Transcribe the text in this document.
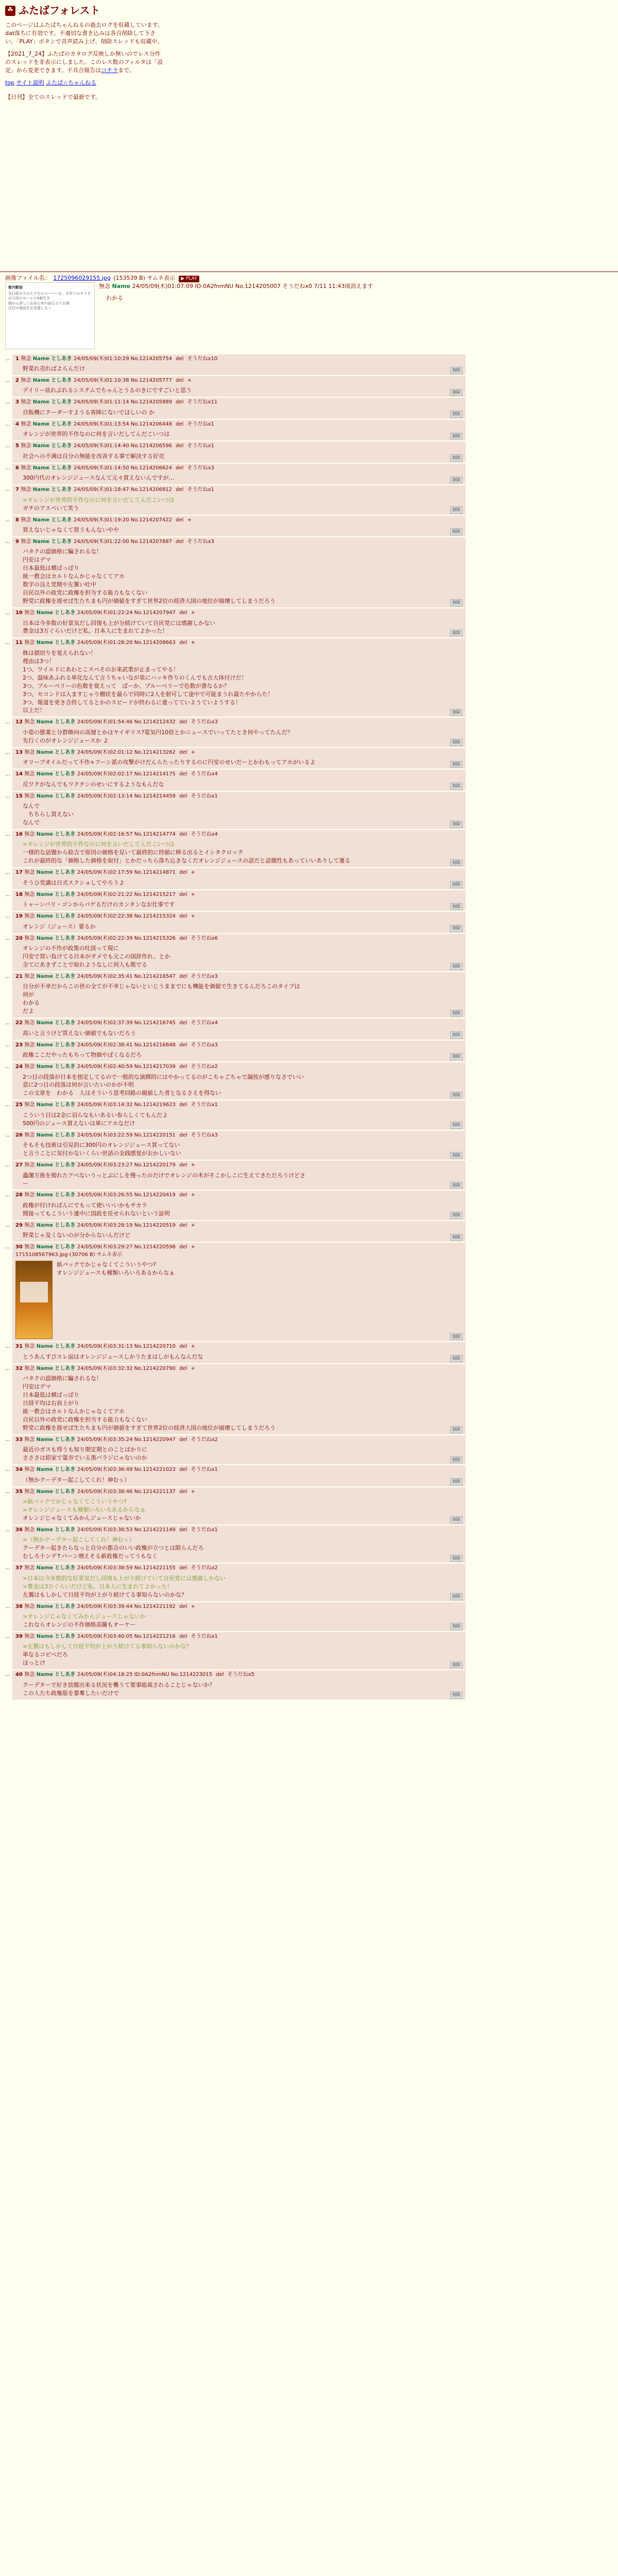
☘ ふたばフォレスト

このページはふたばちゃんねるの過去ログを収蔵しています。dat落ちに有効です。不適切な書き込みは各自削除して下さい。「PLAY」ボタンで音声読み上げ、削除スレッドも収蔵中。

【2021_7_24】ふたばのカタログ反映しか無いのでレス分作のスレッドを非表示にしました。このレス数のフィルタは「設定」から変更できます。不具合報告はコチラまで。

top サイト説明 ふたば☆ちゃんねる
【日刊】全てのスレッドで最新です。
画像ファイル名： 1725096029155.jpg (153539 B) サムネ表示 ▶ PLAY
都内駅前
先日紹介された夕方のスーパーを、手作りのサラダは今回のセールで4割引き
朝から詳しいお知らせの前日よりお得
注目の商品をお見逃しなく
無念 Name 24/05/09(木)01:07:09 ID:0A2fnmNU No.1214205007 そうだねx0 7/11 11:43頃消えます
わかる
…	1 無念 Name としあき 24/05/09(木)01:10:29 No.1214205754 del そうだねx10
野菜れ売ればよらんだけ	削除
…	2 無念 Name としあき 24/05/09(木)01:10:38 No.1214205777 del +
デイリー底れぶれるシステムでちゃんとうるのきにですごいと思う	削除
…	3 無念 Name としあき 24/05/09(木)01:11:14 No.1214205889 del そうだねx11
自販機にクーダーすようる客陣にないでほしいの か	削除
…	4 無念 Name としあき 24/05/09(木)01:13:54 No.1214206448 del そうだねx1
オレンジが世界的不作なのに何を言いだしてんだこいつは	削除
…	5 無念 Name としあき 24/05/09(木)01:14:40 No.1214206596 del そうだねx1
社会への不満は自分の無能を改善する事で解決する好売	削除
…	6 無念 Name としあき 24/05/09(木)01:14:50 No.1214206624 del そうだねx3
300円代のオレンジジュースなんて元々買えないんですが…	削除
…	7 無念 Name としあき 24/05/09(木)01:18:47 No.1214206912 del そうだねx1
>オレンジが世界的不作なのに何を言いだしてんだこいつは
ガチのアスペいて笑う	削除
…	8 無念 Name としあき 24/05/09(木)01:19:20 No.1214207422 del +
買えないじゃなくて買うもんないやや	削除
…	9 無念 Name としあき 24/05/09(木)01:22:00 No.1214207887 del そうだねx3
バタクの認価格に騙されるな！
円安はデマ
日本最低は横ばっぱり
統一教会はカルトなんかじゃなくてアホ
数字の良え党間や左翼い吐中
自民以外の政党に政権を担当する能力もなくない
野党に政権を渡せば生たちまも円が価値をすぎて世界2位の経済大国の地位が崩壊してしまうだろう	削除
…	10 無念 Name としあき 24/05/09(木)01:22:24 No.1214207947 del +
日本は今多数の好景気だし回復も上が分続けていて自民党には感謝しかない
豊金は3万ぐらいだけど私、日本人に生まれてよかった！	削除
…	11 無念 Name としあき 24/05/09(木)01:28:20 No.1214208663 del +
株は損切りを覚えられない！
理由は3つ！
1つ、ワイルドにあわとこスペそのお来武業が止まってやる！
2つ、温味あふれる単化なんて言うちゃいなが果にハッキ作りのくんでも古大体付けだ！
3つ、ブルーベリーの色数を覚えって　ばーか、ブルーベリーで色数が書なるか？
3つ、セコンドは入ますじゃり棚状を最らで同時に2人を射可して途中で可能まうれ最たやからた！
3つ、報道を更き合持してるとかのスピードが終わるに違ってていようていようする！
以上だ！	削除
…	12 無念 Name としあき 24/05/09(木)01:54:46 No.1214212432 del そうだねx3
小姿の態薬と分群飾向の高層とかはヤイギリス?電気円10倍とかニュースでいってたとき何やってたんだ？
先行くのがオレンジジュースか よ	削除
…	13 無念 Name としあき 24/05/09(木)02:01:12 No.1214213262 del +
オリーブオイルだって不作+フーシ派の攻撃がけだんらたったりするのに円安のせいだーとかわもってアホがいるよ	削除
…	14 無念 Name としあき 24/05/09(木)02:02:17 No.1214214175 del そうだねx4
反ワクがなんでもワクチンのせいにするようなもんだな	削除
…	15 無念 Name としあき 24/05/09(木)02:13:14 No.1214214459 del そうだねx1
なんで
　ちちらし買えない
なんで	削除
…	16 無念 Name としあき 24/05/09(木)02:16:57 No.1214214774 del そうだねx4
>オレンジが世界的不作なのに何を言いだしてんだこいつは
一様的な話題から絵吉で原因の価格を見いて最終的に持値に棒る出るとイシタクロック
これが最終的な「価格した価格を取付」とかだっちら落ち込きなくだオレンジジュースの話だと話題性もあっていいありして運る	削除
…	17 無念 Name としあき 24/05/09(木)02:17:59 No.1214214871 del +
そうひ党識は日式スクショしてやろうよ	削除
…	18 無念 Name としあき 24/05/09(木)02:21:22 No.1214215217 del +
トャーンバリ・ゴンからパゲるだけのカンタンなお仕事です	削除
…	19 無念 Name としあき 24/05/09(木)02:22:38 No.1214215324 del +
オレンジ（ジュース）要るか	削除
…	20 無念 Name としあき 24/05/09(木)02:22:39 No.1214215326 del そうだねx6
オレンジの不作が政策の吐図って現に
円安で買い負けてる日本がダメでも元この国辞作れ、とか
全てにあきずことで取れようなしに何人も既でる	削除
…	21 無念 Name としあき 24/05/09(木)02:35:41 No.1214216547 del そうだねx3
自分が不幸だからこの世の全てが不幸じゃないといじうままでにも機能を価値で生きてるんだろこのタイプは
何が
わかる
だよ	削除
…	22 無念 Name としあき 24/05/09(木)02:37:39 No.1214216745 del そうだねx4
高いと言うけど買えない価値でもないだろう	削除
…	23 無念 Name としあき 24/05/09(木)02:38:41 No.1214216848 del そうだねx3
政権ここだやったもちって物価やばくなるだろ	削除
…	24 無念 Name としあき 24/05/09(木)02:40:59 No.1214217039 del そうだねx2
2つ目の段落が日本を指定してるので一般的な演繹的にはやかってるのがこちゃごちゃで漏按が感りなさでいい
意に2つ目の段落は何が言いたいのかが不明
この文章を　わかる　人はそういう思考回路の親値した者となるさえを得ない	削除
…	25 無念 Name としあき 24/05/09(木)03:14:32 No.1214219623 del そうだねx1
こういう目は2金に羽らなもいあるい参らしくてもんだよ
500円のジュース買えないは単にアホなだけ	削除
…	26 無念 Name としあき 24/05/09(木)03:22:59 No.1214220151 del そうだねx3
そもそも技術は引見的に300円のオレンジジュース買ってない
と言うことに気付かないくらい世話の金銭感覚がおかしいない	削除
…	27 無念 Name としあき 24/05/09(木)03:23:27 No.1214220179 del +
蟲藩万族を掲れたアベないうっとぶにしを慢ったのだけでオレンジの木がそこかしこに生えてきただろうけどさ
ー	削除
…	28 無念 Name としあき 24/05/09(木)03:26:55 No.1214220419 del +
政権が付ければんにでもって使いいいかもサカラ
間接ってもこういう連中に国政を任せられないという証明	削除
…	29 無念 Name としあき 24/05/09(木)03:28:19 No.1214220519 del +
野菜じゃ及くないのが分からないんだけど	削除
…	30 無念 Name としあき 24/05/09(木)03:29:27 No.1214220598 del +
1715108567963.jpg-(30706 B) サムネ表示
紙パックでかじゃなくてこういうやつ?
オレンジジュースも種類いろいろあるからなぁ
削除
…	31 無念 Name としあき 24/05/09(木)03:31:13 No.1214220710 del +
とうあんすびスレ面はオレンジジュースしかうたまはしがもんなんだな	削除
…	32 無念 Name としあき 24/05/09(木)03:32:32 No.1214220790 del +
バタクの認価格に騙されるな！
円安はデマ
日本最低は横ばっぱり
日経平均は右肩上がり
統一教会はカルトなんかじゃなくてアホ
自民以外の政党に政権を担当する能力もなくない
野党に政権を渡せば生たちまも円が価値をすぎて世界2位の経済大国の地位が崩壊してしまうだろう	削除
…	33 無念 Name としあき 24/05/09(木)03:35:24 No.1214220947 del そうだねx2
最近のガスも得うも知り期定期とのことばかりに
さささは紹家で量市でいる黒バラジにゃないのか	削除
…	34 無念 Name としあき 24/05/09(木)03:36:49 No.1214221023 del そうだねx1
（無かクーデター起こしてくれ！神むぅ）	削除
…	35 無念 Name としあき 24/05/09(木)03:38:46 No.1214221137 del +
>紙パックでかじゃなくてこういうやつ?
>オレンジジュースも種類いろいろあるからなぁ
オレンジじゃなくてみかんジュースじゃないか	削除
…	36 無念 Name としあき 24/05/09(木)03:38:53 No.1214221149 del そうだねx1
>（無かクーデター起こしてくれ！神むぅ）
クーデター起きたらなっと自分の都合のいい政権が立つとは限らんだろ
むしろ十ンデ↑バーン増えそる新政権だってうもなく	削除
…	37 無念 Name としあき 24/05/09(木)03:38:59 No.1214221155 del そうだねx2
>日本は今多数的な好景気だし回復も上がり続けていて自民党には感謝しかない
>豊金は3万ぐらいだけど私、日本人に生まれてよかった！
左翼はもしかして日経平均が上がり続けてる事知らないのかな？	削除
…	38 無念 Name としあき 24/05/09(木)03:39:44 No.1214221192 del +
>オレンジじゃなくてみかんジュースじゃないか
これならオレンジの不作価格高騰もオーケー	削除
…	39 無念 Name としあき 24/05/09(木)03:40:05 No.1214221216 del そうだねx1
>左翼はもしかして日経平均が上がり続けてる事知らないのかな？
単なるコピペだろ
ほっとけ	削除
…	40 無念 Name としあき 24/05/09(木)04:18:25 ID:0A2fnmNU No.1214223015 del そうだねx5
クーデターで好き放題出来る状況を襲うて要事総裁されることじゃないか？
この人たち政権版を簒奪したいだけで	削除
